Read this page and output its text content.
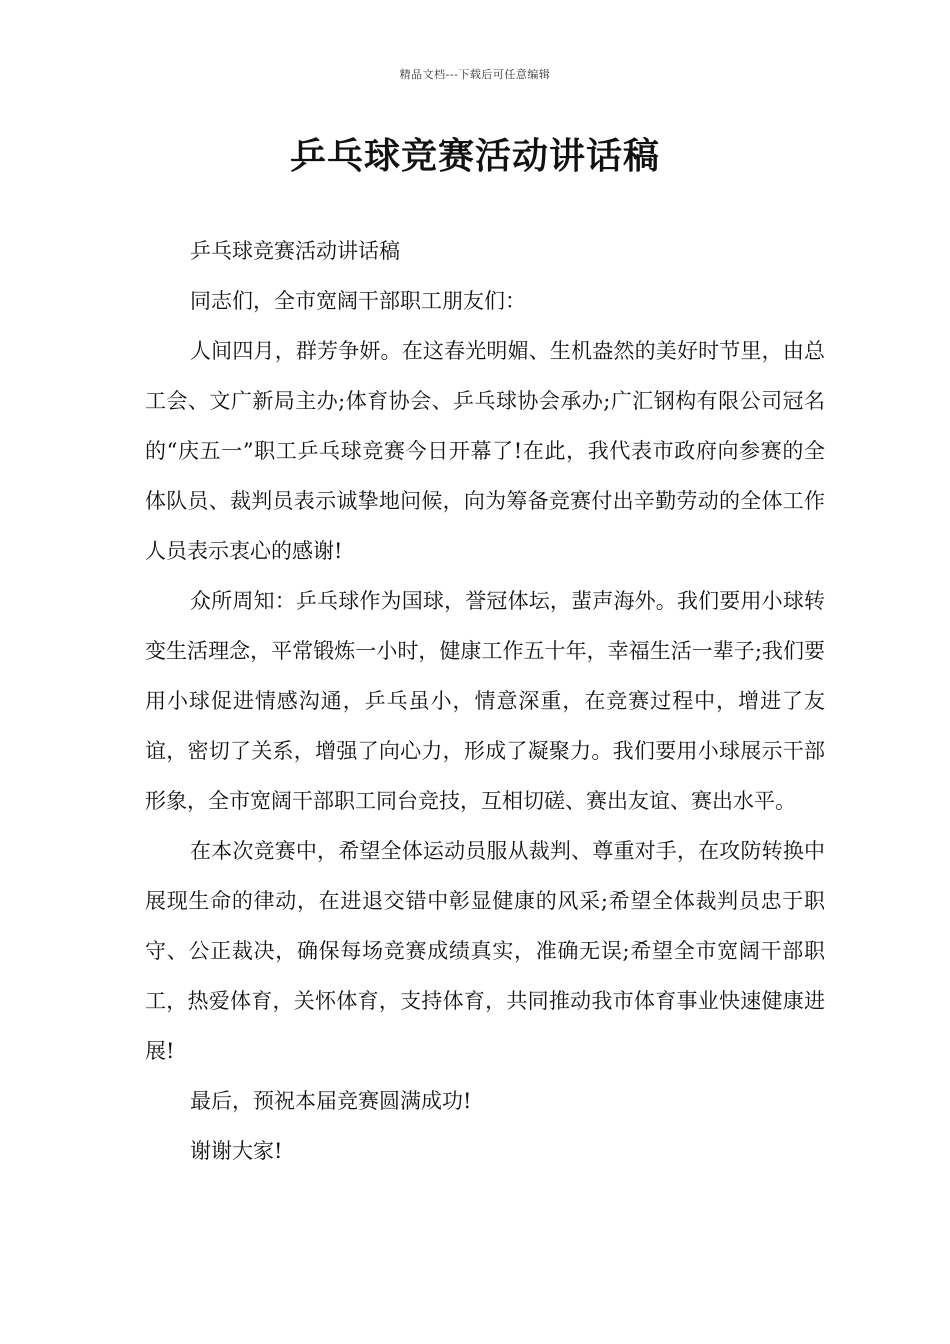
精品文档---下载后可任意编辑
乒乓球竞赛活动讲话稿

乒乓球竞赛活动讲话稿

同志们，全市宽阔干部职工朋友们：

人间四月，群芳争妍。在这春光明媚、生机盎然的美好时节里，由总工会、文广新局主办;体育协会、乒乓球协会承办;广汇钢构有限公司冠名的“庆五一”职工乒乓球竞赛今日开幕了!在此，我代表市政府向参赛的全体队员、裁判员表示诚挚地问候，向为筹备竞赛付出辛勤劳动的全体工作人员表示衷心的感谢!

众所周知：乒乓球作为国球，誉冠体坛，蜚声海外。我们要用小球转变生活理念，平常锻炼一小时，健康工作五十年，幸福生活一辈子;我们要用小球促进情感沟通，乒乓虽小，情意深重，在竞赛过程中，增进了友谊，密切了关系，增强了向心力，形成了凝聚力。我们要用小球展示干部形象，全市宽阔干部职工同台竞技，互相切磋、赛出友谊、赛出水平。

在本次竞赛中，希望全体运动员服从裁判、尊重对手，在攻防转换中展现生命的律动，在进退交错中彰显健康的风采;希望全体裁判员忠于职守、公正裁决，确保每场竞赛成绩真实，准确无误;希望全市宽阔干部职工，热爱体育，关怀体育，支持体育，共同推动我市体育事业快速健康进展!

最后，预祝本届竞赛圆满成功!

谢谢大家!
